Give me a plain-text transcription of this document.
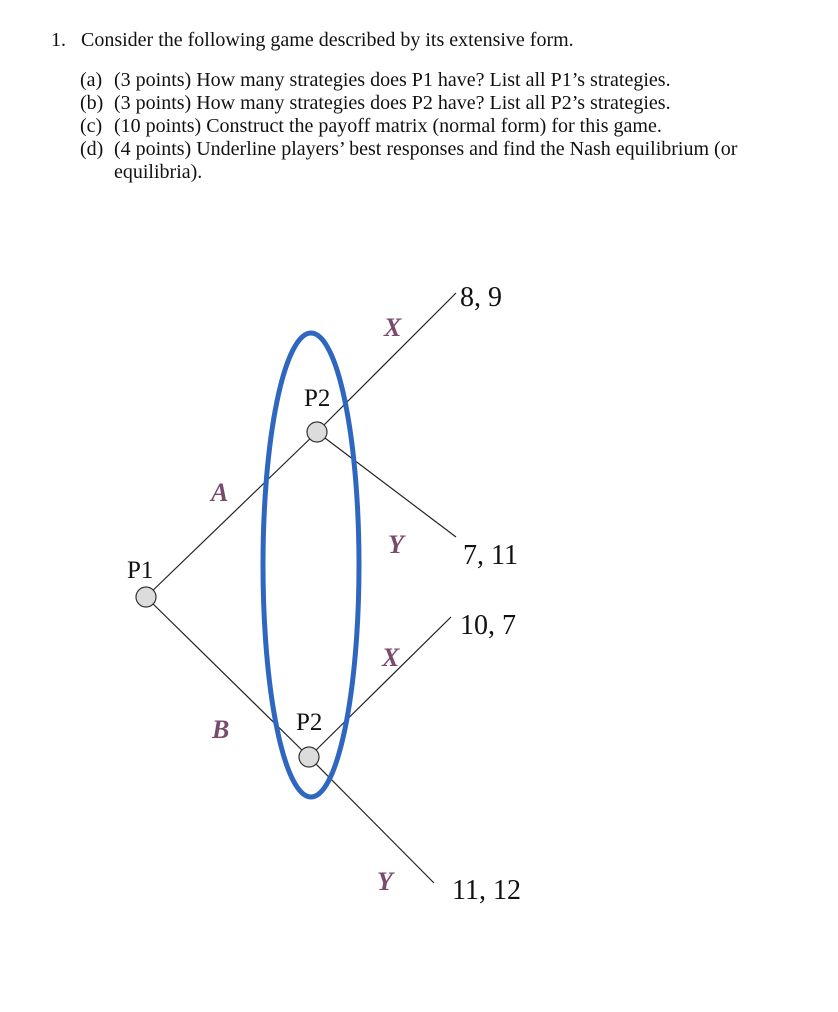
1. Consider the following game described by its extensive form.
(a) (3 points) How many strategies does P1 have? List all P1’s strategies.
(b) (3 points) How many strategies does P2 have? List all P2’s strategies.
(c) (10 points) Construct the payoff matrix (normal form) for this game.
(d) (4 points) Underline players’ best responses and find the Nash equilibrium (or equilibria).
P1
P2
P2
A
B
X
Y
X
Y
8, 9
7, 11
10, 7
11, 12
